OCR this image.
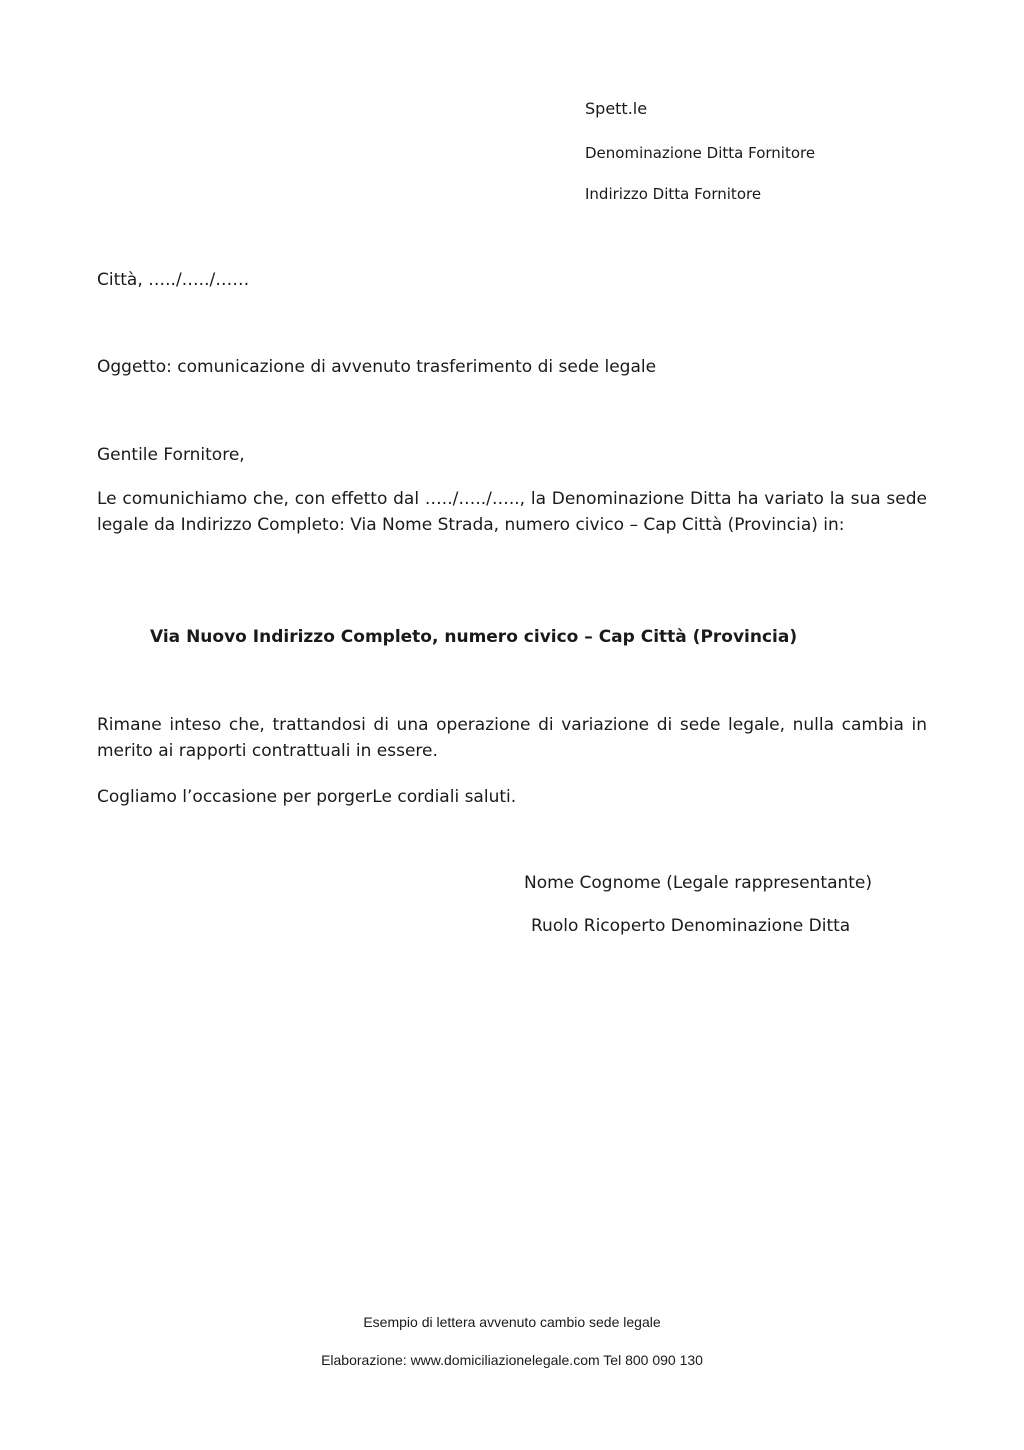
Spett.le
Denominazione Ditta Fornitore
Indirizzo Ditta Fornitore
Città, …../…../……
Oggetto: comunicazione di avvenuto trasferimento di sede legale
Gentile Fornitore,

Le comunichiamo che, con effetto dal …../…../….., la Denominazione Ditta ha variato la sua sede legale da Indirizzo Completo: Via Nome Strada, numero civico – Cap Città (Provincia) in:

Via Nuovo Indirizzo Completo, numero civico – Cap Città (Provincia)

Rimane inteso che, trattandosi di una operazione di variazione di sede legale, nulla cambia in merito ai rapporti contrattuali in essere.

Cogliamo l’occasione per porgerLe cordiali saluti.

Nome Cognome (Legale rappresentante)
Ruolo Ricoperto Denominazione Ditta
Esempio di lettera avvenuto cambio sede legale
Elaborazione: www.domiciliazionelegale.com Tel 800 090 130
